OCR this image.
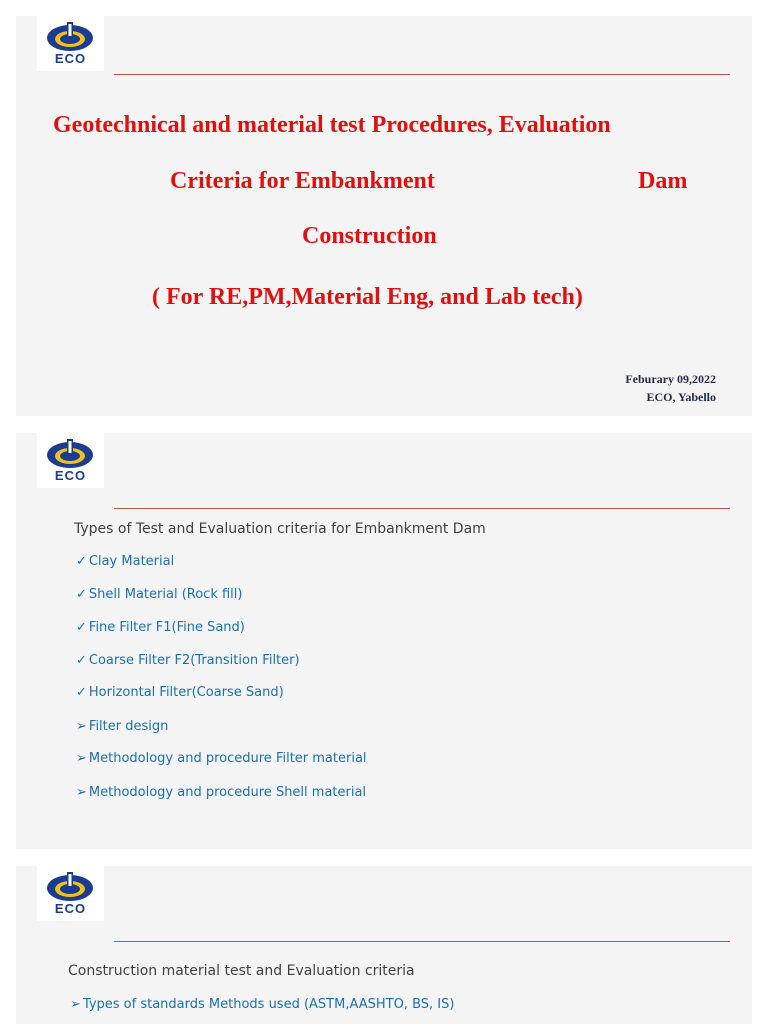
ECO
Geotechnical and material test Procedures, Evaluation
Criteria for Embankment	Dam
Construction
( For RE,PM,Material Eng, and Lab tech)
Feburary 09,2022
ECO, Yabello
ECO
Types of Test and Evaluation criteria for Embankment Dam
✓ Clay Material
✓ Shell Material (Rock fill)
✓ Fine Filter F1(Fine Sand)
✓ Coarse Filter F2(Transition Filter)
✓ Horizontal Filter(Coarse Sand)
➢ Filter design
➢ Methodology and procedure Filter material
➢ Methodology and procedure Shell material
ECO
Construction material test and Evaluation criteria
➢ Types of standards Methods used (ASTM,AASHTO, BS, IS)
